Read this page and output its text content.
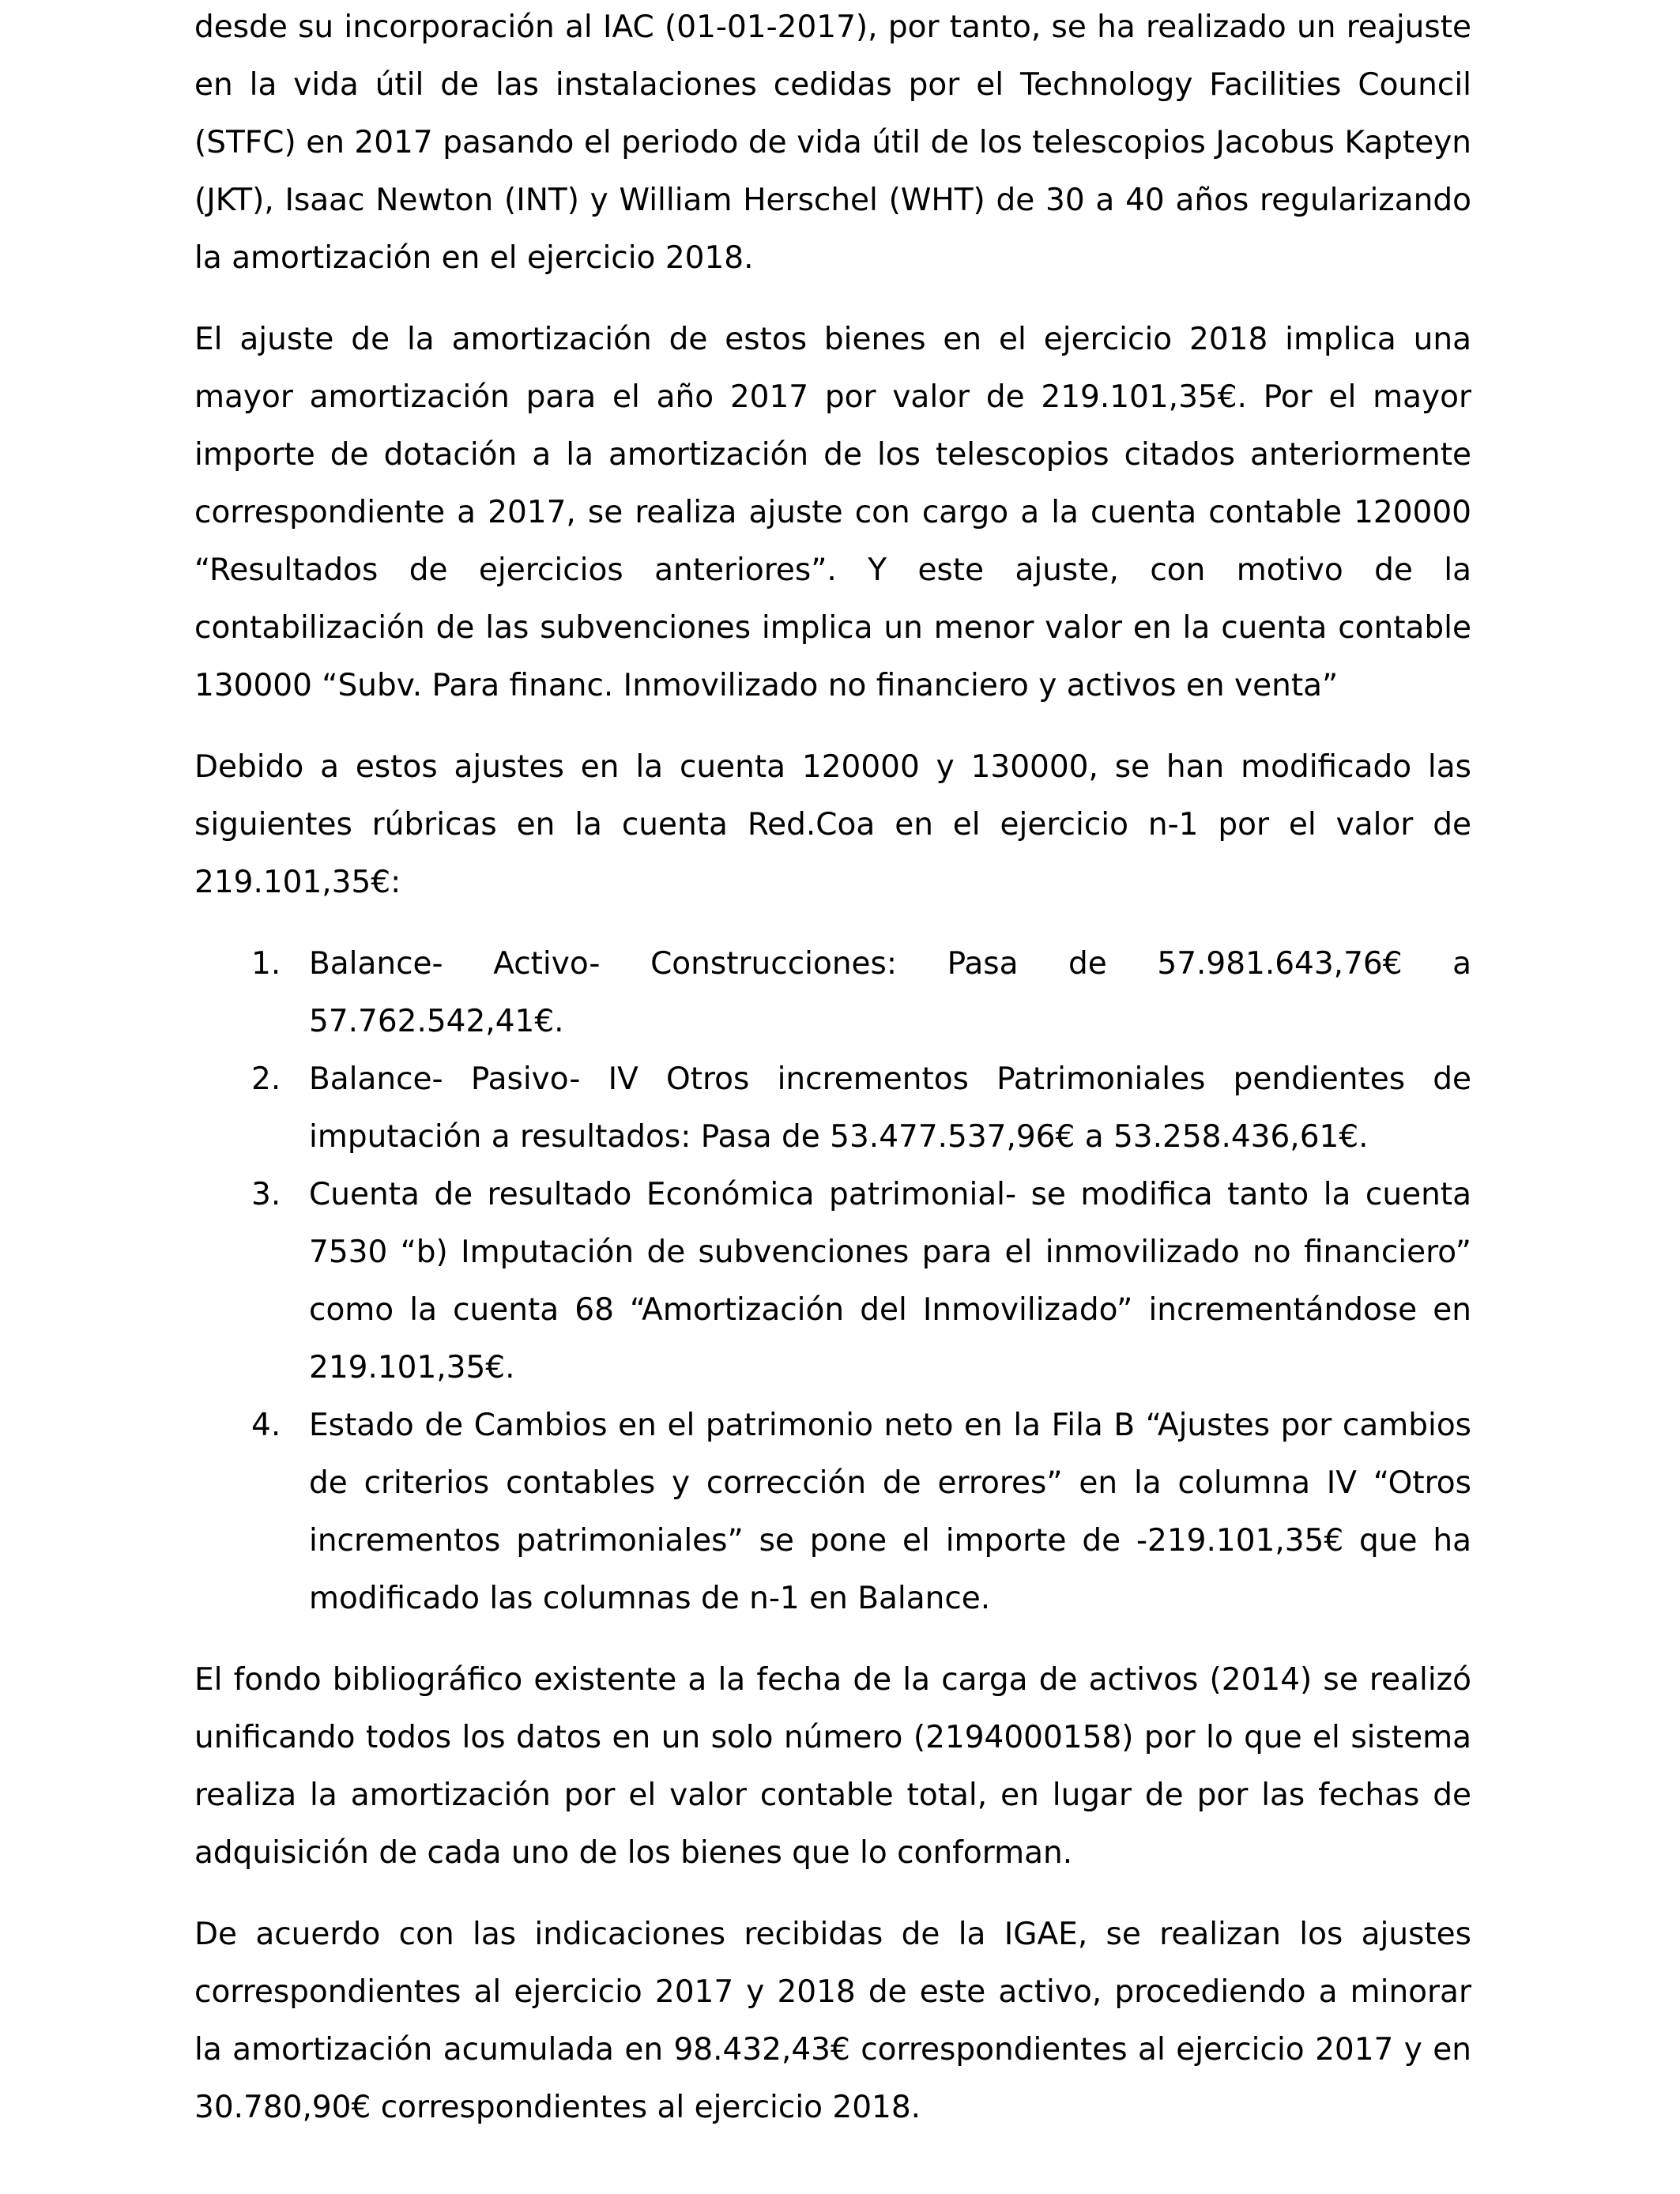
desde su incorporación al IAC (01-01-2017), por tanto, se ha realizado un reajuste en la vida útil de las instalaciones cedidas por el Technology Facilities Council (STFC) en 2017 pasando el periodo de vida útil de los telescopios Jacobus Kapteyn (JKT), Isaac Newton (INT) y William Herschel (WHT) de 30 a 40 años regularizando la amortización en el ejercicio 2018.

El ajuste de la amortización de estos bienes en el ejercicio 2018 implica una mayor amortización para el año 2017 por valor de 219.101,35€. Por el mayor importe de dotación a la amortización de los telescopios citados anteriormente correspondiente a 2017, se realiza ajuste con cargo a la cuenta contable 120000 “Resultados de ejercicios anteriores”. Y este ajuste, con motivo de la contabilización de las subvenciones implica un menor valor en la cuenta contable 130000 “Subv. Para financ. Inmovilizado no financiero y activos en venta”

Debido a estos ajustes en la cuenta 120000 y 130000, se han modificado las siguientes rúbricas en la cuenta Red.Coa en el ejercicio n-1 por el valor de 219.101,35€:

1. Balance- Activo- Construcciones: Pasa de 57.981.643,76€ a 57.762.542,41€.
2. Balance- Pasivo- IV Otros incrementos Patrimoniales pendientes de imputación a resultados: Pasa de 53.477.537,96€ a 53.258.436,61€.
3. Cuenta de resultado Económica patrimonial- se modifica tanto la cuenta 7530 “b) Imputación de subvenciones para el inmovilizado no financiero” como la cuenta 68 “Amortización del Inmovilizado” incrementándose en 219.101,35€.
4. Estado de Cambios en el patrimonio neto en la Fila B “Ajustes por cambios de criterios contables y corrección de errores” en la columna IV “Otros incrementos patrimoniales” se pone el importe de -219.101,35€ que ha modificado las columnas de n-1 en Balance.

El fondo bibliográfico existente a la fecha de la carga de activos (2014) se realizó unificando todos los datos en un solo número (2194000158) por lo que el sistema realiza la amortización por el valor contable total, en lugar de por las fechas de adquisición de cada uno de los bienes que lo conforman.

De acuerdo con las indicaciones recibidas de la IGAE, se realizan los ajustes correspondientes al ejercicio 2017 y 2018 de este activo, procediendo a minorar la amortización acumulada en 98.432,43€ correspondientes al ejercicio 2017 y en 30.780,90€ correspondientes al ejercicio 2018.
